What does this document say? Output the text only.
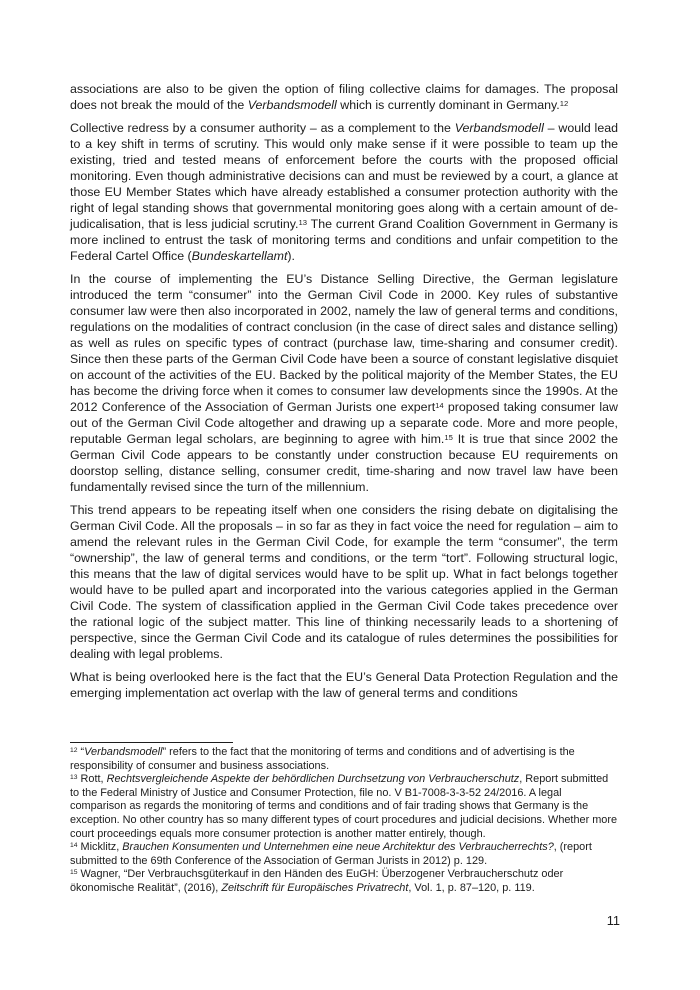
associations are also to be given the option of filing collective claims for damages. The proposal does not break the mould of the Verbandsmodell which is currently dominant in Germany.$^{12}$

Collective redress by a consumer authority – as a complement to the Verbandsmodell – would lead to a key shift in terms of scrutiny. This would only make sense if it were possible to team up the existing, tried and tested means of enforcement before the courts with the proposed official monitoring. Even though administrative decisions can and must be reviewed by a court, a glance at those EU Member States which have already established a consumer protection authority with the right of legal standing shows that governmental monitoring goes along with a certain amount of de-judicalisation, that is less judicial scrutiny.$^{13}$ The current Grand Coalition Government in Germany is more inclined to entrust the task of monitoring terms and conditions and unfair competition to the Federal Cartel Office (Bundeskartellamt).

In the course of implementing the EU’s Distance Selling Directive, the German legislature introduced the term “consumer” into the German Civil Code in 2000. Key rules of substantive consumer law were then also incorporated in 2002, namely the law of general terms and conditions, regulations on the modalities of contract conclusion (in the case of direct sales and distance selling) as well as rules on specific types of contract (purchase law, time-sharing and consumer credit). Since then these parts of the German Civil Code have been a source of constant legislative disquiet on account of the activities of the EU. Backed by the political majority of the Member States, the EU has become the driving force when it comes to consumer law developments since the 1990s. At the 2012 Conference of the Association of German Jurists one expert$^{14}$ proposed taking consumer law out of the German Civil Code altogether and drawing up a separate code. More and more people, reputable German legal scholars, are beginning to agree with him.$^{15}$ It is true that since 2002 the German Civil Code appears to be constantly under construction because EU requirements on doorstop selling, distance selling, consumer credit, time-sharing and now travel law have been fundamentally revised since the turn of the millennium.

This trend appears to be repeating itself when one considers the rising debate on digitalising the German Civil Code. All the proposals – in so far as they in fact voice the need for regulation – aim to amend the relevant rules in the German Civil Code, for example the term “consumer”, the term “ownership”, the law of general terms and conditions, or the term “tort”. Following structural logic, this means that the law of digital services would have to be split up. What in fact belongs together would have to be pulled apart and incorporated into the various categories applied in the German Civil Code. The system of classification applied in the German Civil Code takes precedence over the rational logic of the subject matter. This line of thinking necessarily leads to a shortening of perspective, since the German Civil Code and its catalogue of rules determines the possibilities for dealing with legal problems.

What is being overlooked here is the fact that the EU’s General Data Protection Regulation and the emerging implementation act overlap with the law of general terms and conditions

$^{12}$ “Verbandsmodell” refers to the fact that the monitoring of terms and conditions and of advertising is the responsibility of consumer and business associations.
$^{13}$ Rott, Rechtsvergleichende Aspekte der behördlichen Durchsetzung von Verbraucherschutz, Report submitted to the Federal Ministry of Justice and Consumer Protection, file no. V B1-7008-3-3-52 24/2016. A legal comparison as regards the monitoring of terms and conditions and of fair trading shows that Germany is the exception. No other country has so many different types of court procedures and judicial decisions. Whether more court proceedings equals more consumer protection is another matter entirely, though.
$^{14}$ Micklitz, Brauchen Konsumenten und Unternehmen eine neue Architektur des Verbraucherrechts?, (report submitted to the 69th Conference of the Association of German Jurists in 2012) p. 129.
$^{15}$ Wagner, “Der Verbrauchsgüterkauf in den Händen des EuGH: Überzogener Verbraucherschutz oder ökonomische Realität”, (2016), Zeitschrift für Europäisches Privatrecht, Vol. 1, p. 87–120, p. 119.
11
